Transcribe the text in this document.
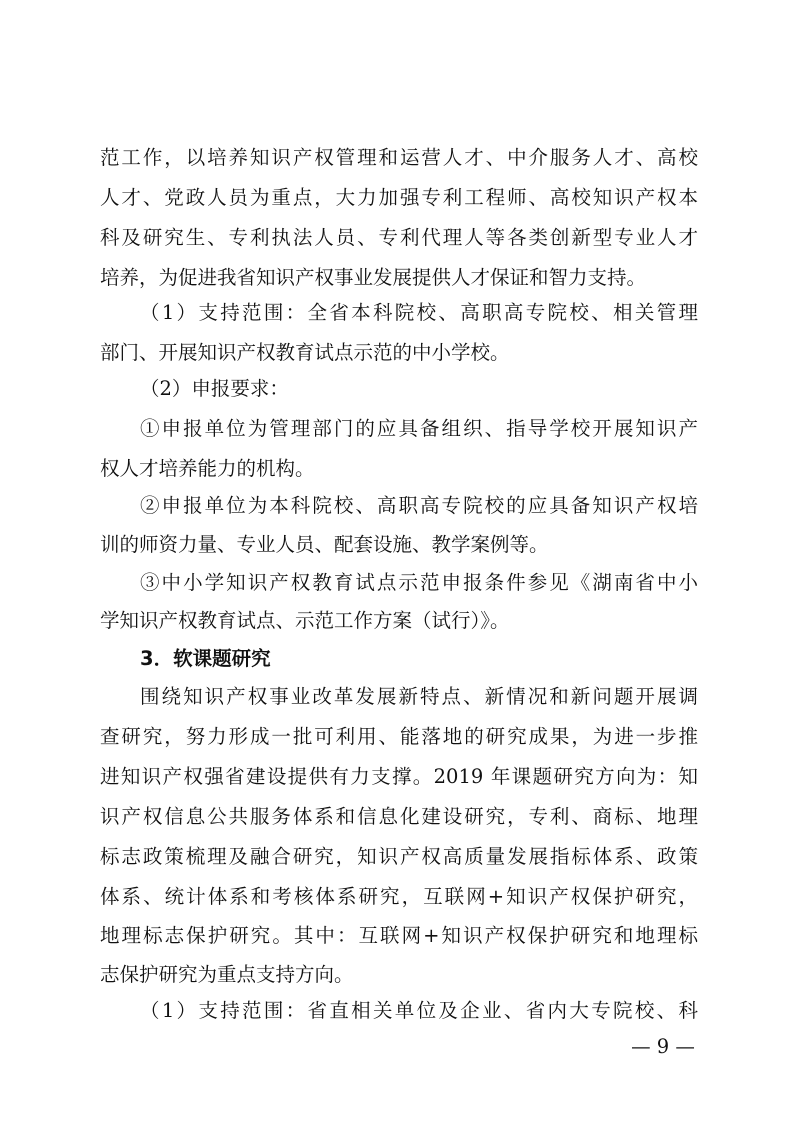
范工作，以培养知识产权管理和运营人才、中介服务人才、高校
人才、党政人员为重点，大力加强专利工程师、高校知识产权本
科及研究生、专利执法人员、专利代理人等各类创新型专业人才
培养，为促进我省知识产权事业发展提供人才保证和智力支持。
（1）支持范围：全省本科院校、高职高专院校、相关管理
部门、开展知识产权教育试点示范的中小学校。
（2）申报要求：
①申报单位为管理部门的应具备组织、指导学校开展知识产
权人才培养能力的机构。
②申报单位为本科院校、高职高专院校的应具备知识产权培
训的师资力量、专业人员、配套设施、教学案例等。
③中小学知识产权教育试点示范申报条件参见《湖南省中小
学知识产权教育试点、示范工作方案（试行）》。
3．软课题研究
围绕知识产权事业改革发展新特点、新情况和新问题开展调
查研究，努力形成一批可利用、能落地的研究成果，为进一步推
进知识产权强省建设提供有力支撑。2019 年课题研究方向为：知
识产权信息公共服务体系和信息化建设研究，专利、商标、地理
标志政策梳理及融合研究，知识产权高质量发展指标体系、政策
体系、统计体系和考核体系研究，互联网+知识产权保护研究，
地理标志保护研究。其中：互联网+知识产权保护研究和地理标
志保护研究为重点支持方向。
（1）支持范围：省直相关单位及企业、省内大专院校、科
— 9 —
